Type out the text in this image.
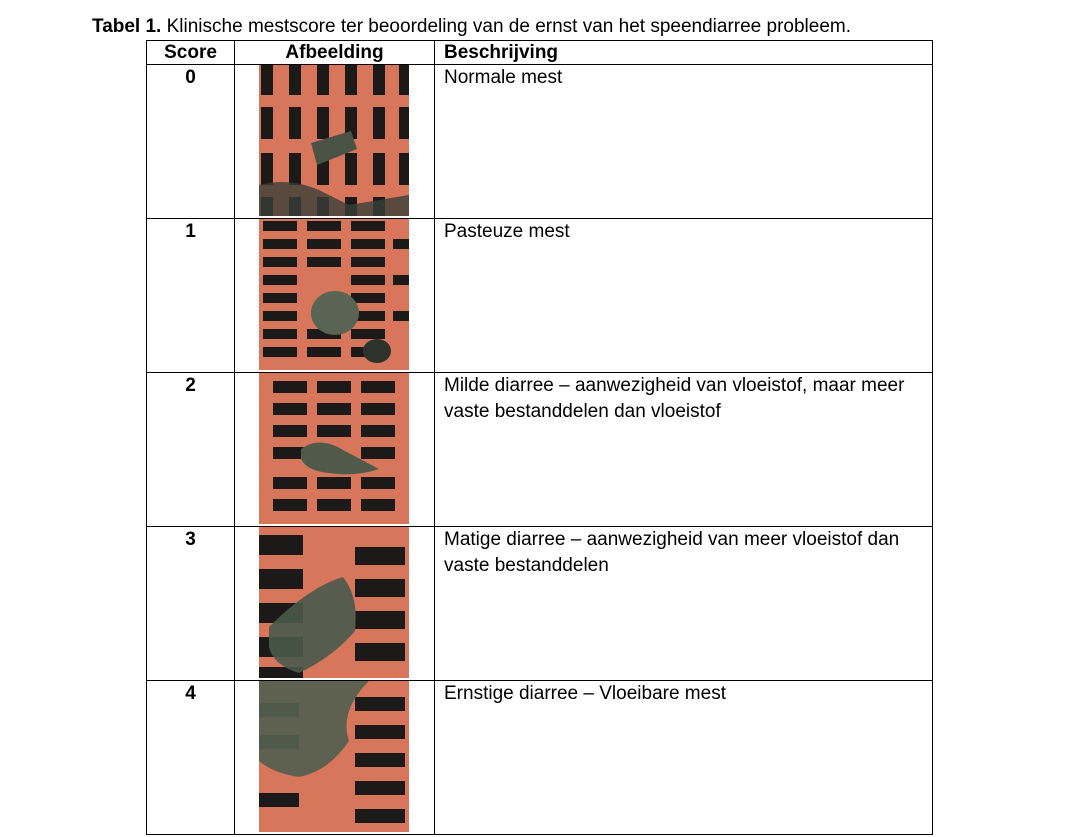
Tabel 1. Klinische mestscore ter beoordeling van de ernst van het speendiarree probleem.
Score	Afbeelding	Beschrijving
0		Normale mest
1		Pasteuze mest
2		Milde diarree – aanwezigheid van vloeistof, maar meer vaste bestanddelen dan vloeistof
3		Matige diarree – aanwezigheid van meer vloeistof dan vaste bestanddelen
4		Ernstige diarree – Vloeibare mest
